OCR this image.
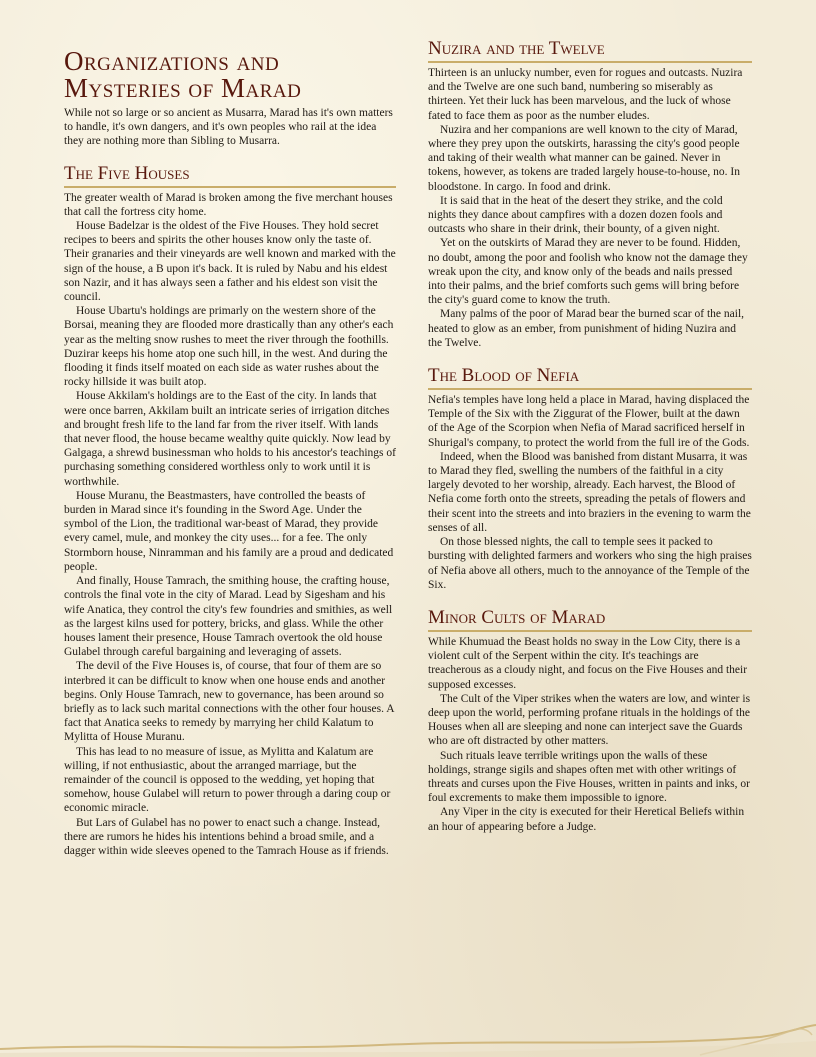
Organizations and
Mysteries of Marad

While not so large or so ancient as Musarra, Marad has it's own matters to handle, it's own dangers, and it's own peoples who rail at the idea they are nothing more than Sibling to Musarra.

The Five Houses

The greater wealth of Marad is broken among the five merchant houses that call the fortress city home.

House Badelzar is the oldest of the Five Houses. They hold secret recipes to beers and spirits the other houses know only the taste of. Their granaries and their vineyards are well known and marked with the sign of the house, a B upon it's back. It is ruled by Nabu and his eldest son Nazir, and it has always seen a father and his eldest son visit the council.

House Ubartu's holdings are primarly on the western shore of the Borsai, meaning they are flooded more drastically than any other's each year as the melting snow rushes to meet the river through the foothills. Duzirar keeps his home atop one such hill, in the west. And during the flooding it finds itself moated on each side as water rushes about the rocky hillside it was built atop.

House Akkilam's holdings are to the East of the city. In lands that were once barren, Akkilam built an intricate series of irrigation ditches and brought fresh life to the land far from the river itself. With lands that never flood, the house became wealthy quite quickly. Now lead by Galgaga, a shrewd businessman who holds to his ancestor's teachings of purchasing something considered worthless only to work until it is worthwhile.

House Muranu, the Beastmasters, have controlled the beasts of burden in Marad since it's founding in the Sword Age. Under the symbol of the Lion, the traditional war-beast of Marad, they provide every camel, mule, and monkey the city uses... for a fee. The only Stormborn house, Ninramman and his family are a proud and dedicated people.

And finally, House Tamrach, the smithing house, the crafting house, controls the final vote in the city of Marad. Lead by Sigesham and his wife Anatica, they control the city's few foundries and smithies, as well as the largest kilns used for pottery, bricks, and glass. While the other houses lament their presence, House Tamrach overtook the old house Gulabel through careful bargaining and leveraging of assets.

The devil of the Five Houses is, of course, that four of them are so interbred it can be difficult to know when one house ends and another begins. Only House Tamrach, new to governance, has been around so briefly as to lack such marital connections with the other four houses. A fact that Anatica seeks to remedy by marrying her child Kalatum to Mylitta of House Muranu.

This has lead to no measure of issue, as Mylitta and Kalatum are willing, if not enthusiastic, about the arranged marriage, but the remainder of the council is opposed to the wedding, yet hoping that somehow, house Gulabel will return to power through a daring coup or economic miracle.

But Lars of Gulabel has no power to enact such a change. Instead, there are rumors he hides his intentions behind a broad smile, and a dagger within wide sleeves opened to the Tamrach House as if friends.

Nuzira and the Twelve

Thirteen is an unlucky number, even for rogues and outcasts. Nuzira and the Twelve are one such band, numbering so miserably as thirteen. Yet their luck has been marvelous, and the luck of whose fated to face them as poor as the number eludes.

Nuzira and her companions are well known to the city of Marad, where they prey upon the outskirts, harassing the city's good people and taking of their wealth what manner can be gained. Never in tokens, however, as tokens are traded largely house-to-house, no. In bloodstone. In cargo. In food and drink.

It is said that in the heat of the desert they strike, and the cold nights they dance about campfires with a dozen dozen fools and outcasts who share in their drink, their bounty, of a given night.

Yet on the outskirts of Marad they are never to be found. Hidden, no doubt, among the poor and foolish who know not the damage they wreak upon the city, and know only of the beads and nails pressed into their palms, and the brief comforts such gems will bring before the city's guard come to know the truth.

Many palms of the poor of Marad bear the burned scar of the nail, heated to glow as an ember, from punishment of hiding Nuzira and the Twelve.

The Blood of Nefia

Nefia's temples have long held a place in Marad, having displaced the Temple of the Six with the Ziggurat of the Flower, built at the dawn of the Age of the Scorpion when Nefia of Marad sacrificed herself in Shurigal's company, to protect the world from the full ire of the Gods.

Indeed, when the Blood was banished from distant Musarra, it was to Marad they fled, swelling the numbers of the faithful in a city largely devoted to her worship, already. Each harvest, the Blood of Nefia come forth onto the streets, spreading the petals of flowers and their scent into the streets and into braziers in the evening to warm the senses of all.

On those blessed nights, the call to temple sees it packed to bursting with delighted farmers and workers who sing the high praises of Nefia above all others, much to the annoyance of the Temple of the Six.

Minor Cults of Marad

While Khumuad the Beast holds no sway in the Low City, there is a violent cult of the Serpent within the city. It's teachings are treacherous as a cloudy night, and focus on the Five Houses and their supposed excesses.

The Cult of the Viper strikes when the waters are low, and winter is deep upon the world, performing profane rituals in the holdings of the Houses when all are sleeping and none can interject save the Guards who are oft distracted by other matters.

Such rituals leave terrible writings upon the walls of these holdings, strange sigils and shapes often met with other writings of threats and curses upon the Five Houses, written in paints and inks, or foul excrements to make them impossible to ignore.

Any Viper in the city is executed for their Heretical Beliefs within an hour of appearing before a Judge.
